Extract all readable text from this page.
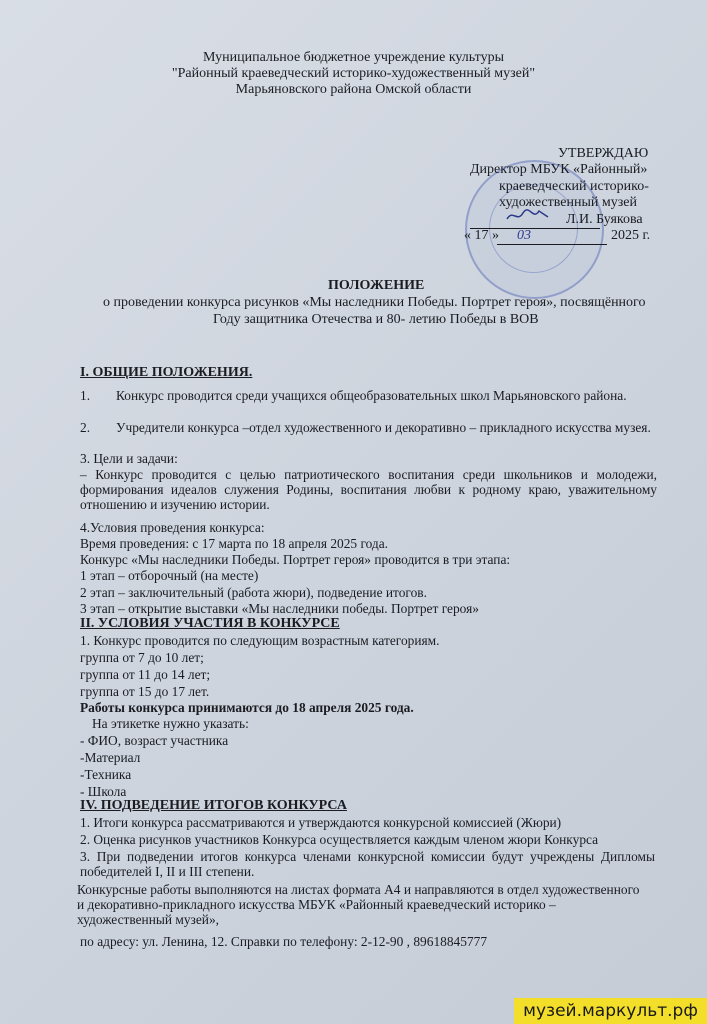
Муниципальное бюджетное учреждение культуры
"Районный краеведческий историко-художественный музей"
Марьяновского района Омской области
УТВЕРЖДАЮ
Директор МБУК «Районный»
краеведческий историко-
художественный музей

Л.И. Буякова
« 17 » 03
	2025 г.
ПОЛОЖЕНИЕ
о проведении конкурса рисунков «Мы наследники Победы. Портрет героя», посвящённого
Году защитника Отечества и 80- летию Победы в ВОВ
I. ОБЩИЕ ПОЛОЖЕНИЯ.
1.	Конкурс проводится среди учащихся общеобразовательных школ Марьяновского района.
2.	Учредители конкурса –отдел художественного и декоративно – прикладного искусства музея.
3. Цели и задачи:
– Конкурс проводится с целью патриотического воспитания среди школьников и молодежи, формирования идеалов служения Родины, воспитания любви к родному краю, уважительному отношению и изучению истории.
4.Условия проведения конкурса:
Время проведения: с 17 марта по 18 апреля 2025 года.
Конкурс «Мы наследники Победы. Портрет героя» проводится в три этапа:
1 этап – отборочный (на месте)
2 этап – заключительный (работа жюри), подведение итогов.
3 этап – открытие выставки «Мы наследники победы. Портрет героя»
II. УСЛОВИЯ УЧАСТИЯ В КОНКУРСЕ
1. Конкурс проводится по следующим возрастным категориям.
группа от 7 до 10 лет;
группа от 11 до 14 лет;
группа от 15 до 17 лет.
Работы конкурса принимаются до 18 апреля 2025 года.
На этикетке нужно указать:
- ФИО, возраст участника
-Материал
-Техника
- Школа
IV. ПОДВЕДЕНИЕ ИТОГОВ КОНКУРСА
1. Итоги конкурса рассматриваются и утверждаются конкурсной комиссией (Жюри)
2. Оценка рисунков участников Конкурса осуществляется каждым членом жюри Конкурса
3. При подведении итогов конкурса членами конкурсной комиссии будут учреждены Дипломы победителей I, II и III степени.
Конкурсные работы выполняются на листах формата А4 и направляются в отдел художественного и декоративно-прикладного искусства МБУК «Районный краеведческий историко – художественный музей»,
по адресу: ул. Ленина, 12. Справки по телефону: 2-12-90 , 89618845777
музей.маркульт.рф
